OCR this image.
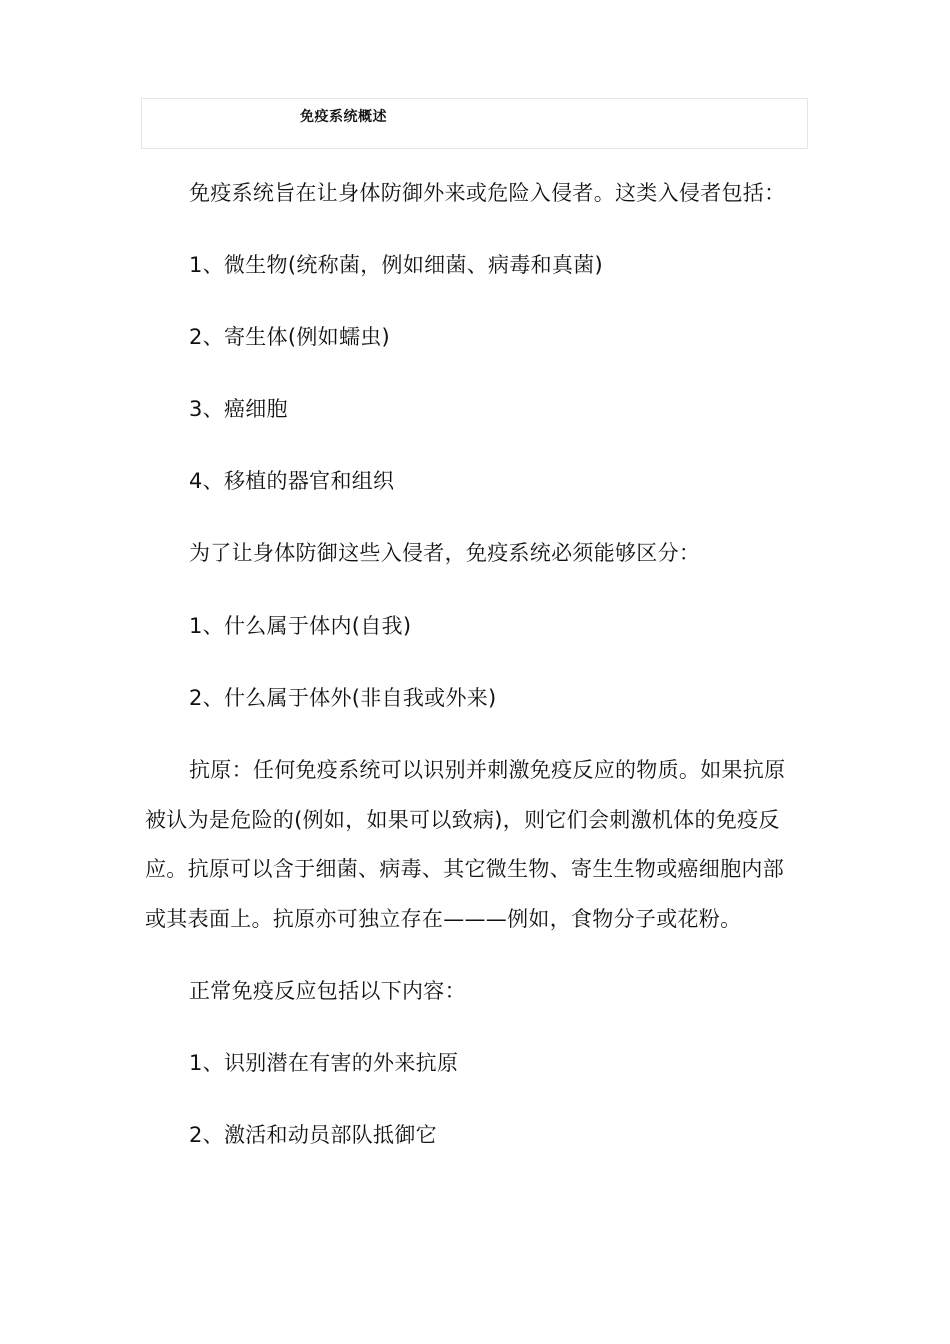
免疫系统概述
免疫系统旨在让身体防御外来或危险入侵者。这类入侵者包括：
1、微生物(统称菌，例如细菌、病毒和真菌)
2、寄生体(例如蠕虫)
3、癌细胞
4、移植的器官和组织
为了让身体防御这些入侵者，免疫系统必须能够区分：
1、什么属于体内(自我)
2、什么属于体外(非自我或外来)
抗原：任何免疫系统可以识别并刺激免疫反应的物质。如果抗原
被认为是危险的(例如，如果可以致病)，则它们会刺激机体的免疫反
应。抗原可以含于细菌、病毒、其它微生物、寄生生物或癌细胞内部
或其表面上。抗原亦可独立存在———例如，食物分子或花粉。
正常免疫反应包括以下内容：
1、识别潜在有害的外来抗原
2、激活和动员部队抵御它
